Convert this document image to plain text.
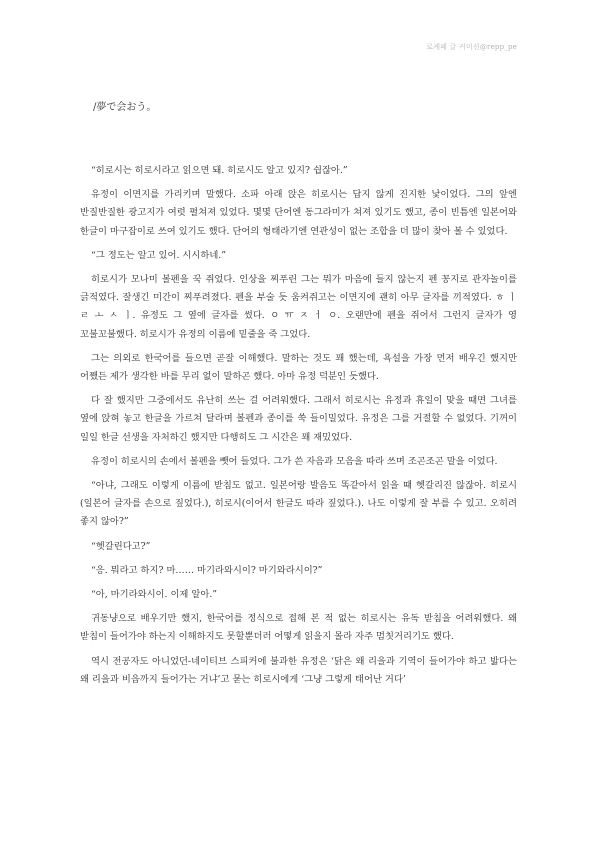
로케페 글 커미션@repp_pe
/夢で会おう。

“히로시는 히로시라고 읽으면 돼. 히로시도 알고 있지? 쉽잖아.”

유정이 이면지를 가리키며 말했다. 소파 아래 앉은 히로시는 답지 않게 진지한 낯이었다. 그의 앞엔 반질반질한 광고지가 여럿 펼쳐져 있었다. 몇몇 단어엔 동그라미가 쳐져 있기도 했고, 종이 빈틈엔 일본어와 한글이 마구잡이로 쓰여 있기도 했다. 단어의 형태라기엔 연관성이 없는 조합을 더 많이 찾아 볼 수 있었다.

“그 정도는 알고 있어. 시시하네.”

히로시가 모나미 볼펜을 꾹 쥐었다. 인상을 찌푸린 그는 뭐가 마음에 들지 않는지 펜 꽁지로 관자놀이를 긁적였다. 잘생긴 미간이 찌푸려졌다. 펜을 부술 듯 움켜쥐고는 이면지에 괜히 아무 글자를 끼적였다. ㅎ ㅣ ㄹ ㅗ ㅅ ㅣ. 유정도 그 옆에 글자를 썼다. ㅇ ㅠ ㅈ ㅓ ㅇ. 오랜만에 펜을 쥐어서 그런지 글자가 영 꼬불꼬불했다. 히로시가 유정의 이름에 밑줄을 죽 그었다.

그는 의외로 한국어를 들으면 곧잘 이해했다. 말하는 것도 꽤 했는데, 욕설을 가장 먼저 배우긴 했지만 어쨌든 제가 생각한 바를 무리 없이 말하곤 했다. 아마 유정 덕분인 듯했다.

다 잘 했지만 그중에서도 유난히 쓰는 걸 어려워했다. 그래서 히로시는 유정과 휴일이 맞을 때면 그녀를 옆에 앉혀 놓고 한글을 가르쳐 달라며 볼펜과 종이를 쑥 들이밀었다. 유정은 그를 거절할 수 없었다. 기꺼이 일일 한글 선생을 자처하긴 했지만 다행히도 그 시간은 꽤 재밌었다.

유정이 히로시의 손에서 볼펜을 뺏어 들었다. 그가 쓴 자음과 모음을 따라 쓰며 조곤조곤 말을 이었다.

“아냐, 그래도 이렇게 이름에 받침도 없고. 일본어랑 발음도 똑같아서 읽을 때 헷갈리진 않잖아. 히로시(일본어 글자를 손으로 짚었다.), 히로시(이어서 한글도 따라 짚었다.). 나도 이렇게 잘 부를 수 있고. 오히려 좋지 않아?”

“헷갈린다고?”

“응. 뭐라고 하지? 마…… 마기라와시이? 마기와라시이?”

“아, 마기라와시이. 이제 알아.”

귀동냥으로 배우기만 했지, 한국어를 정식으로 접해 본 적 없는 히로시는 유독 받침을 어려워했다. 왜 받침이 들어가야 하는지 이해하지도 못할뿐더러 어떻게 읽을지 몰라 자주 멈칫거리기도 했다.

역시 전공자도 아니었던-네이티브 스피커에 불과한 유정은 ‘닭은 왜 리을과 기역이 들어가야 하고 밟다는 왜 리을과 비읍까지 들어가는 거냐’고 묻는 히로시에게 ‘그냥 그렇게 태어난 거다’
